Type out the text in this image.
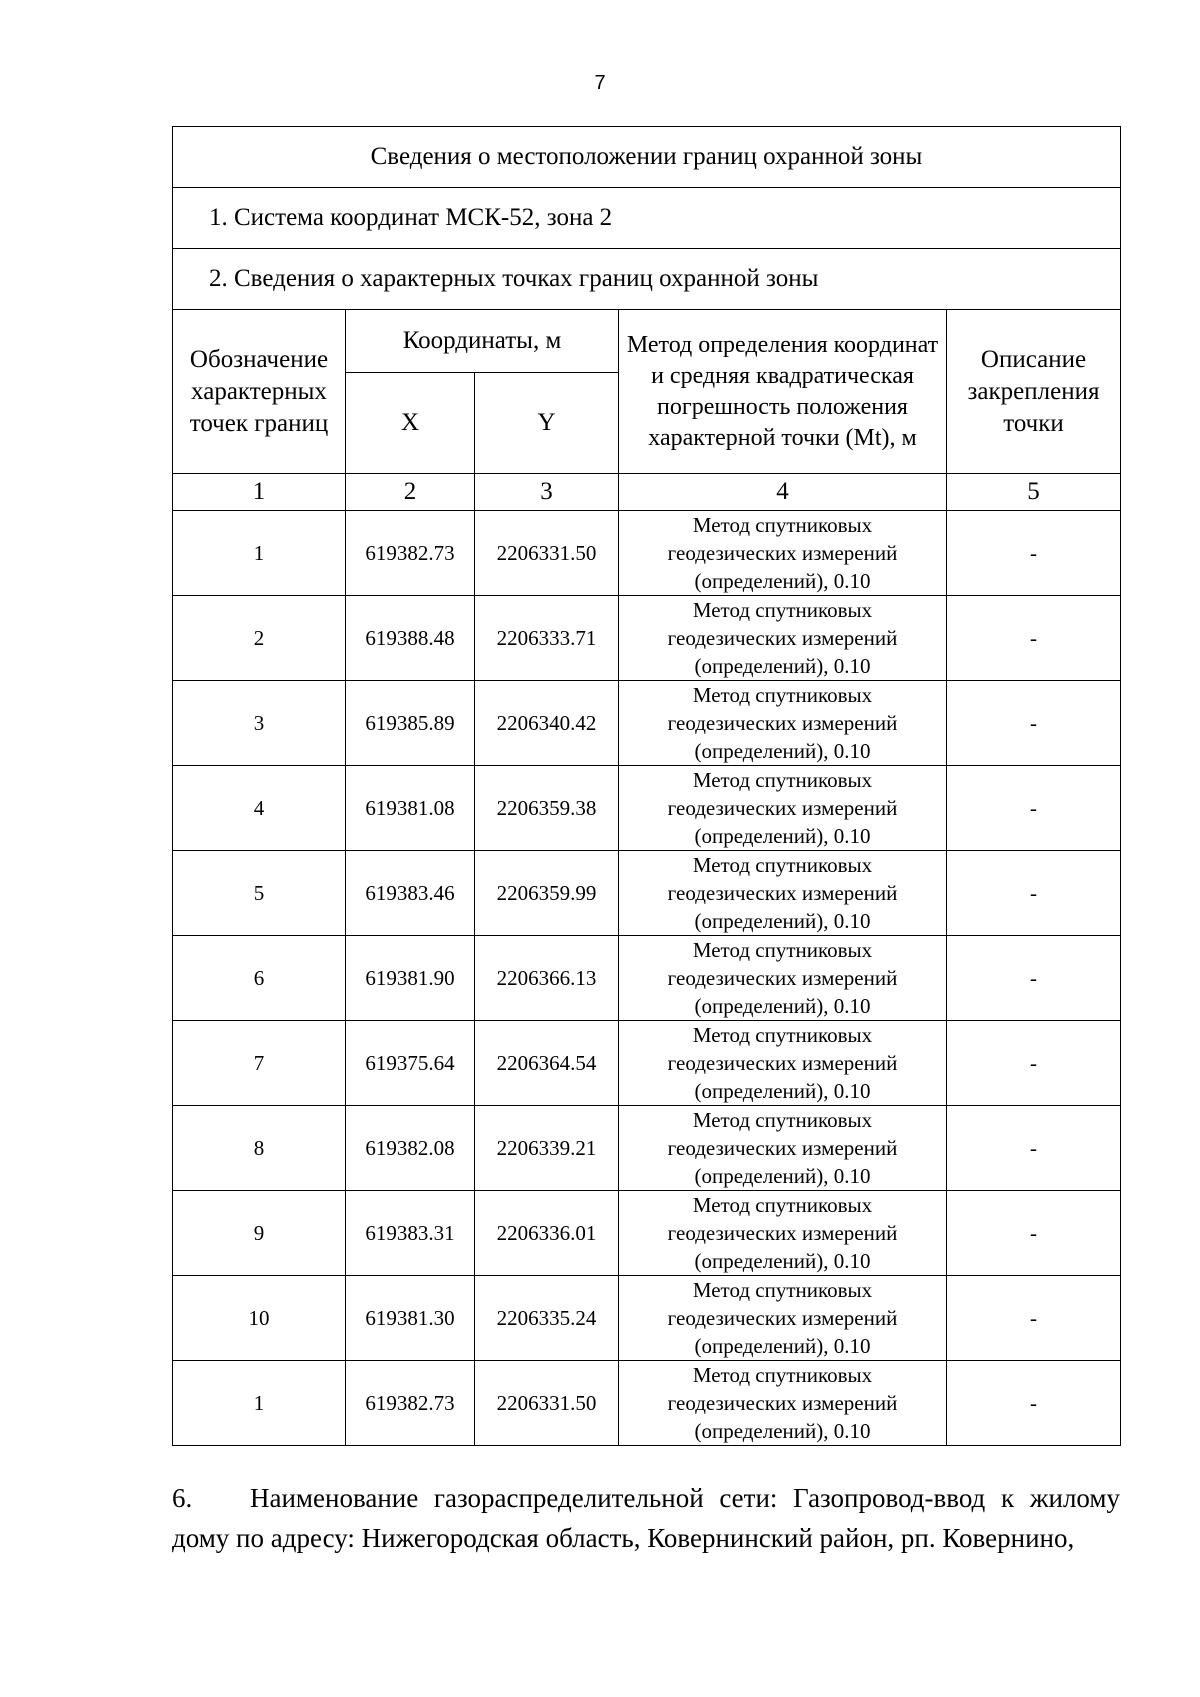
7
Сведения о местоположении границ охранной зоны				
1. Система координат МСК-52, зона 2				
2. Сведения о характерных точках границ охранной зоны				
Обозначение характерных точек границ	Координаты, м		Метод определения координат и средняя квадратическая погрешность положения характерной точки (Mt), м	Описание закрепления точки
	X	Y		
1	2	3	4	5
1	619382.73	2206331.50	Метод спутниковых
геодезических измерений
(определений), 0.10	-
2	619388.48	2206333.71	Метод спутниковых
геодезических измерений
(определений), 0.10	-
3	619385.89	2206340.42	Метод спутниковых
геодезических измерений
(определений), 0.10	-
4	619381.08	2206359.38	Метод спутниковых
геодезических измерений
(определений), 0.10	-
5	619383.46	2206359.99	Метод спутниковых
геодезических измерений
(определений), 0.10	-
6	619381.90	2206366.13	Метод спутниковых
геодезических измерений
(определений), 0.10	-
7	619375.64	2206364.54	Метод спутниковых
геодезических измерений
(определений), 0.10	-
8	619382.08	2206339.21	Метод спутниковых
геодезических измерений
(определений), 0.10	-
9	619383.31	2206336.01	Метод спутниковых
геодезических измерений
(определений), 0.10	-
10	619381.30	2206335.24	Метод спутниковых
геодезических измерений
(определений), 0.10	-
1	619382.73	2206331.50	Метод спутниковых
геодезических измерений
(определений), 0.10	-
6. Наименование газораспределительной сети: Газопровод-ввод к жилому дому по адресу: Нижегородская область, Ковернинский район, рп. Ковернино,
